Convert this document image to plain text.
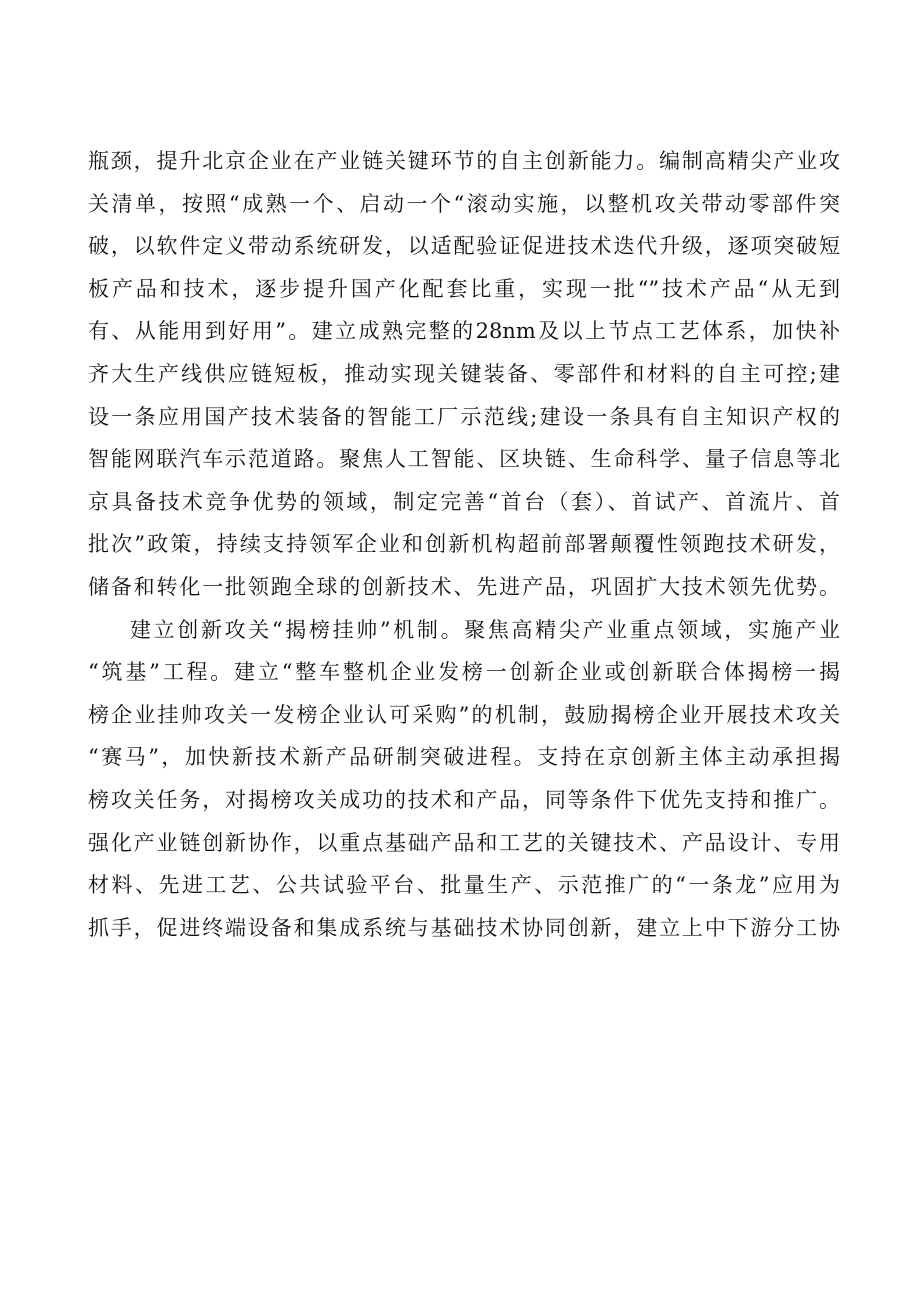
瓶颈，提升北京企业在产业链关键环节的自主创新能力。编制高精尖产业攻
关清单，按照“成熟一个、启动一个“滚动实施，以整机攻关带动零部件突
破，以软件定义带动系统研发，以适配验证促进技术迭代升级，逐项突破短
板产品和技术，逐步提升国产化配套比重，实现一批“”技术产品“从无到
有、从能用到好用”。建立成熟完整的28nm及以上节点工艺体系，加快补
齐大生产线供应链短板，推动实现关键装备、零部件和材料的自主可控;建
设一条应用国产技术装备的智能工厂示范线;建设一条具有自主知识产权的
智能网联汽车示范道路。聚焦人工智能、区块链、生命科学、量子信息等北
京具备技术竞争优势的领域，制定完善“首台（套）、首试产、首流片、首
批次”政策，持续支持领军企业和创新机构超前部署颠覆性领跑技术研发，
储备和转化一批领跑全球的创新技术、先进产品，巩固扩大技术领先优势。
建立创新攻关“揭榜挂帅”机制。聚焦高精尖产业重点领域，实施产业
“筑基”工程。建立“整车整机企业发榜一创新企业或创新联合体揭榜一揭
榜企业挂帅攻关一发榜企业认可采购”的机制，鼓励揭榜企业开展技术攻关
“赛马”，加快新技术新产品研制突破进程。支持在京创新主体主动承担揭
榜攻关任务，对揭榜攻关成功的技术和产品，同等条件下优先支持和推广。
强化产业链创新协作，以重点基础产品和工艺的关键技术、产品设计、专用
材料、先进工艺、公共试验平台、批量生产、示范推广的“一条龙”应用为
抓手，促进终端设备和集成系统与基础技术协同创新，建立上中下游分工协
